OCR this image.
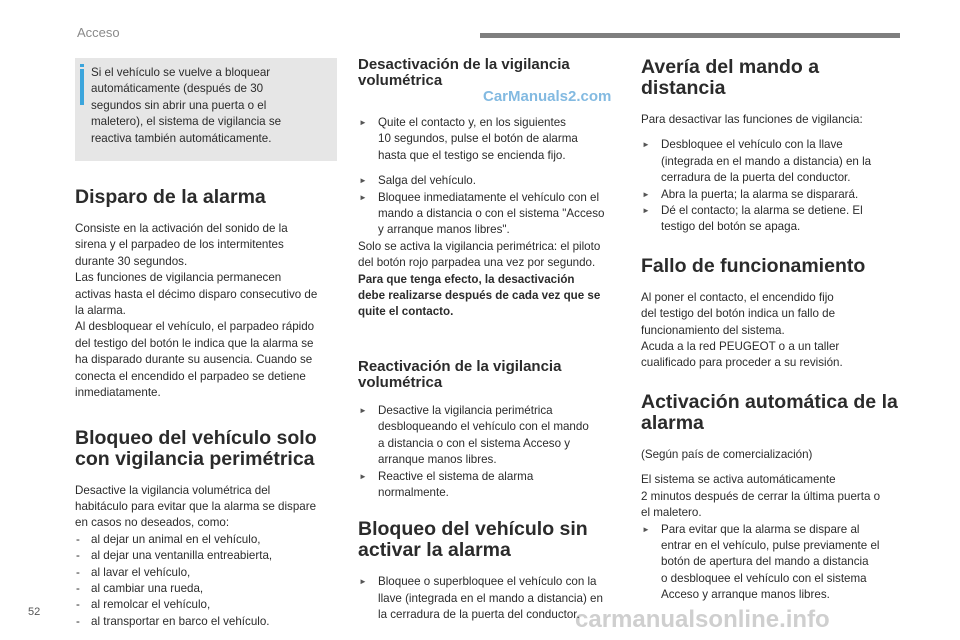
Acceso
52
CarManuals2.com
carmanualsonline.info

Si el vehículo se vuelve a bloquear

automáticamente (después de 30

segundos sin abrir una puerta o el

maletero), el sistema de vigilancia se

reactiva también automáticamente.

Disparo de la alarma

Consiste en la activación del sonido de la

sirena y el parpadeo de los intermitentes

durante 30 segundos.

Las funciones de vigilancia permanecen

activas hasta el décimo disparo consecutivo de

la alarma.

Al desbloquear el vehículo, el parpadeo rápido

del testigo del botón le indica que la alarma se

ha disparado durante su ausencia. Cuando se

conecta el encendido el parpadeo se detiene

inmediatamente.

Bloqueo del vehículo solo
con vigilancia perimétrica

Desactive la vigilancia volumétrica del

habitáculo para evitar que la alarma se dispare

en casos no deseados, como:

- al dejar un animal en el vehículo,

- al dejar una ventanilla entreabierta,

- al lavar el vehículo,

- al cambiar una rueda,

- al remolcar el vehículo,

- al transportar en barco el vehículo.

Desactivación de la vigilancia
volumétrica

► Quite el contacto y, en los siguientes

10 segundos, pulse el botón de alarma

hasta que el testigo se encienda fijo.

► Salga del vehículo.

► Bloquee inmediatamente el vehículo con el

mando a distancia o con el sistema "Acceso

y arranque manos libres".

Solo se activa la vigilancia perimétrica: el piloto

del botón rojo parpadea una vez por segundo.

Para que tenga efecto, la desactivación

debe realizarse después de cada vez que se

quite el contacto.

Reactivación de la vigilancia
volumétrica

► Desactive la vigilancia perimétrica

desbloqueando el vehículo con el mando

a distancia o con el sistema Acceso y

arranque manos libres.

► Reactive el sistema de alarma

normalmente.

Bloqueo del vehículo sin
activar la alarma

► Bloquee o superbloquee el vehículo con la

llave (integrada en el mando a distancia) en

la cerradura de la puerta del conductor.

Avería del mando a
distancia

Para desactivar las funciones de vigilancia:

► Desbloquee el vehículo con la llave

(integrada en el mando a distancia) en la

cerradura de la puerta del conductor.

► Abra la puerta; la alarma se disparará.

► Dé el contacto; la alarma se detiene. El

testigo del botón se apaga.

Fallo de funcionamiento

Al poner el contacto, el encendido fijo

del testigo del botón indica un fallo de

funcionamiento del sistema.

Acuda a la red PEUGEOT o a un taller

cualificado para proceder a su revisión.

Activación automática de la
alarma

(Según país de comercialización)

El sistema se activa automáticamente

2 minutos después de cerrar la última puerta o

el maletero.

► Para evitar que la alarma se dispare al

entrar en el vehículo, pulse previamente el

botón de apertura del mando a distancia

o desbloquee el vehículo con el sistema

Acceso y arranque manos libres.
